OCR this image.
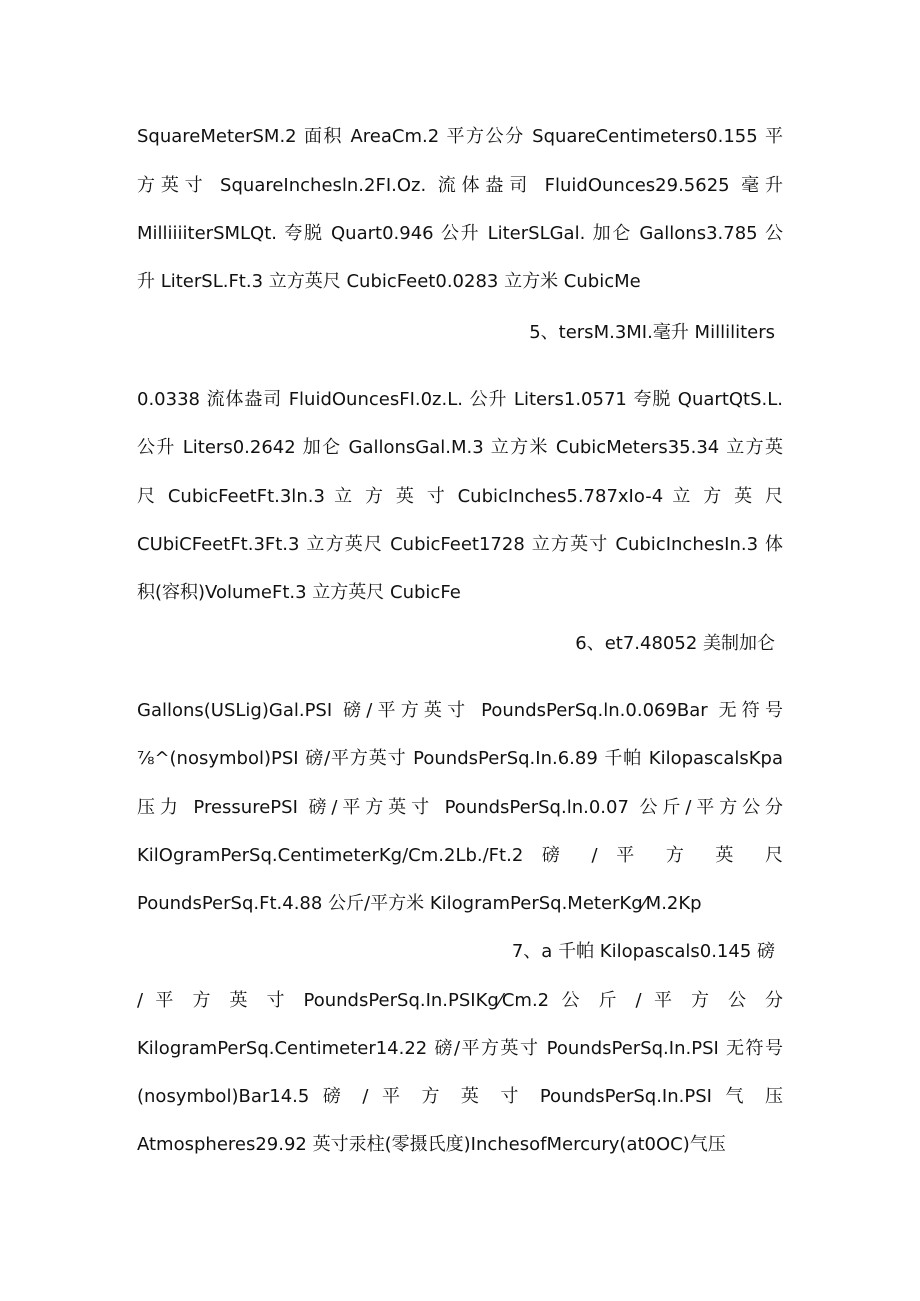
SquareMeterSM.2 面积 AreaCm.2 平方公分 SquareCentimeters0.155 平
方英寸 SquareInchesln.2FI.Oz. 流体盎司 FluidOunces29.5625 毫升
MilliiiiterSMLQt. 夸脱 Quart0.946 公升 LiterSLGal. 加仑 Gallons3.785 公
升 LiterSL.Ft.3 立方英尺 CubicFeet0.0283 立方米 CubicMe
5、tersM.3MI.毫升 Milliliters
0.0338 流体盎司 FluidOuncesFI.0z.L. 公升 Liters1.0571 夸脱 QuartQtS.L.
公升 Liters0.2642 加仑 GallonsGal.M.3 立方米 CubicMeters35.34 立方英
尺 CubicFeetFt.3ln.3 立 方 英 寸 CubicInches5.787xIo-4 立 方 英 尺
CUbiCFeetFt.3Ft.3 立方英尺 CubicFeet1728 立方英寸 CubicInchesIn.3 体
积(容积)VolumeFt.3 立方英尺 CubicFe
6、et7.48052 美制加仑
Gallons(USLig)Gal.PSI 磅/平方英寸 PoundsPerSq.ln.0.069Bar 无符号
⅞^(nosymbol)PSI 磅/平方英寸 PoundsPerSq.In.6.89 千帕 KilopascalsKpa
压力 PressurePSI 磅/平方英寸 PoundsPerSq.ln.0.07 公斤/平方公分
KilOgramPerSq.CentimeterKg/Cm.2Lb./Ft.2 磅 / 平 方 英 尺
PoundsPerSq.Ft.4.88 公斤/平方米 KilogramPerSq.MeterKg⁄M.2Kp
7、a 千帕 Kilopascals0.145 磅
/ 平 方 英 寸 PoundsPerSq.In.PSIKg⁄Cm.2 公 斤 / 平 方 公 分
KilogramPerSq.Centimeter14.22 磅/平方英寸 PoundsPerSq.In.PSI 无符号
(nosymbol)Bar14.5 磅 / 平 方 英 寸 PoundsPerSq.In.PSI 气 压
Atmospheres29.92 英寸汞柱(零摄氏度)InchesofMercury(at0OC)气压
